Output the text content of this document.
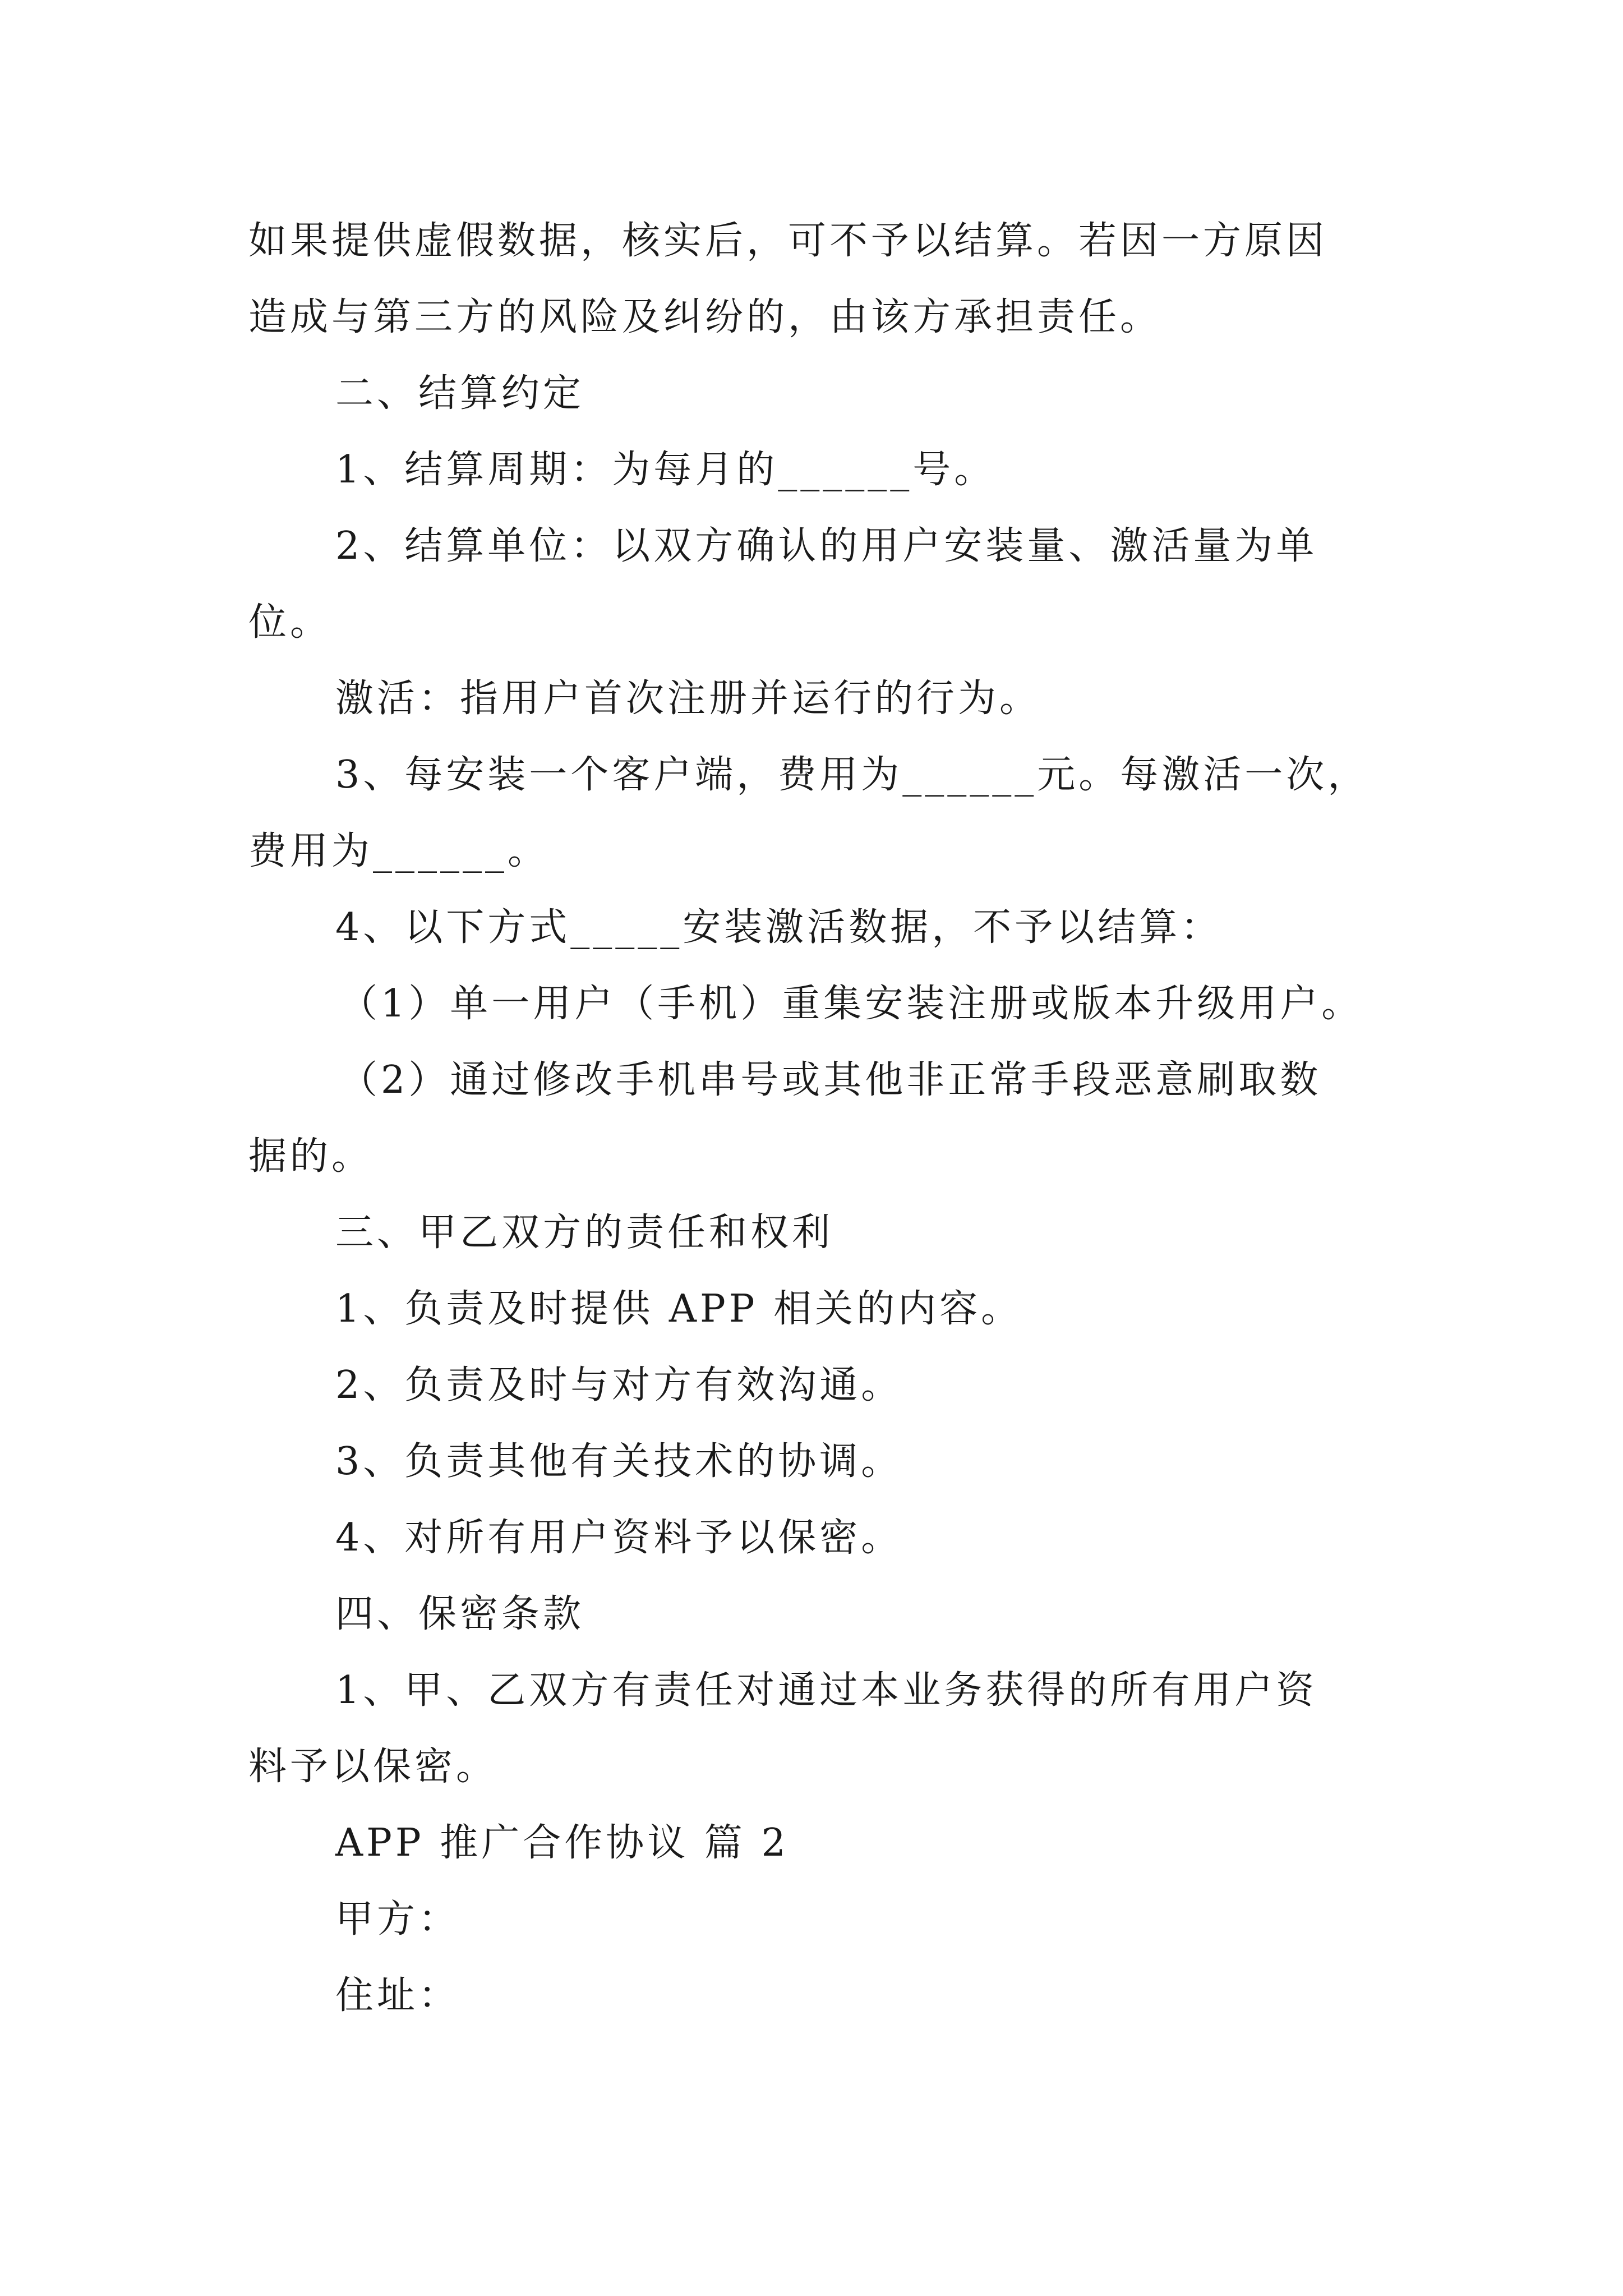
如果提供虚假数据，核实后，可不予以结算。若因一方原因
造成与第三方的风险及纠纷的，由该方承担责任。
二、结算约定
1、结算周期：为每月的______号。
2、结算单位：以双方确认的用户安装量、激活量为单
位。
激活：指用户首次注册并运行的行为。
3、每安装一个客户端，费用为______元。每激活一次，
费用为______。
4、以下方式_____安装激活数据，不予以结算：
（1）单一用户（手机）重集安装注册或版本升级用户。
（2）通过修改手机串号或其他非正常手段恶意刷取数
据的。
三、甲乙双方的责任和权利
1、负责及时提供 APP 相关的内容。
2、负责及时与对方有效沟通。
3、负责其他有关技术的协调。
4、对所有用户资料予以保密。
四、保密条款
1、甲、乙双方有责任对通过本业务获得的所有用户资
料予以保密。
APP 推广合作协议 篇 2
甲方：
住址：
